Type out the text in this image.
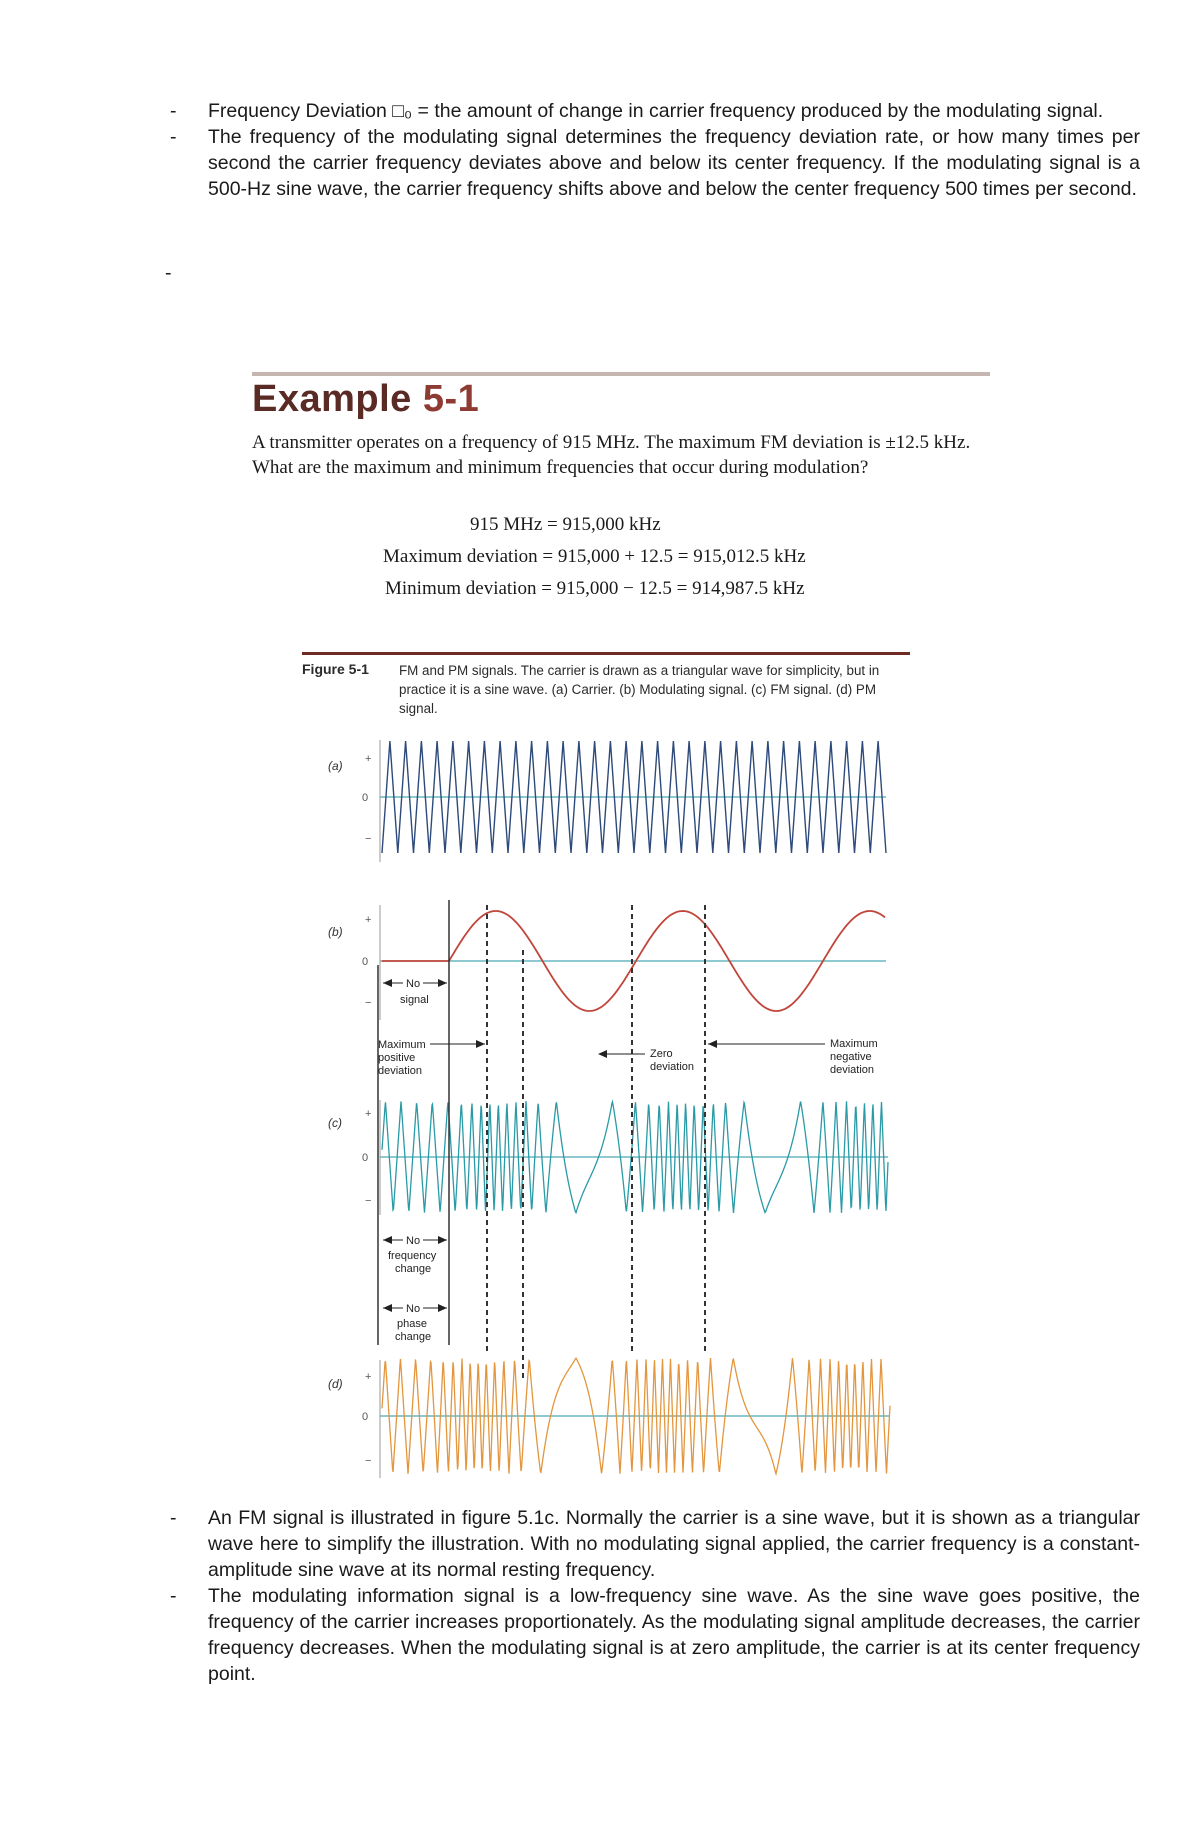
- Frequency Deviation □₀ = the amount of change in carrier frequency produced by the modulating signal.
- The frequency of the modulating signal determines the frequency deviation rate, or how many times per second the carrier frequency deviates above and below its center frequency. If the modulating signal is a 500-Hz sine wave, the carrier frequency shifts above and below the center frequency 500 times per second.
-
Example 5-1
A transmitter operates on a frequency of 915 MHz. The maximum FM deviation is ±12.5 kHz. What are the maximum and minimum frequencies that occur during modulation?
915 MHz = 915,000 kHz
Maximum deviation = 915,000 + 12.5 = 915,012.5 kHz
Minimum deviation = 915,000 − 12.5 = 914,987.5 kHz
Figure 5-1 FM and PM signals. The carrier is drawn as a triangular wave for simplicity, but in practice it is a sine wave. (a) Carrier. (b) Modulating signal. (c) FM signal. (d) PM signal.
(a)
(b)
(c)
(d)
+
0
−
+
0
−
+
0
−
+
0
−
No
signal
Maximum
positive
deviation
Zero
deviation
Maximum
negative
deviation
No
frequency
change
No
phase
change
- An FM signal is illustrated in figure 5.1c. Normally the carrier is a sine wave, but it is shown as a triangular wave here to simplify the illustration. With no modulating signal applied, the carrier frequency is a constant-amplitude sine wave at its normal resting frequency.
- The modulating information signal is a low-frequency sine wave. As the sine wave goes positive, the frequency of the carrier increases proportionately. As the modulating signal amplitude decreases, the carrier frequency decreases. When the modulating signal is at zero amplitude, the carrier is at its center frequency point.
